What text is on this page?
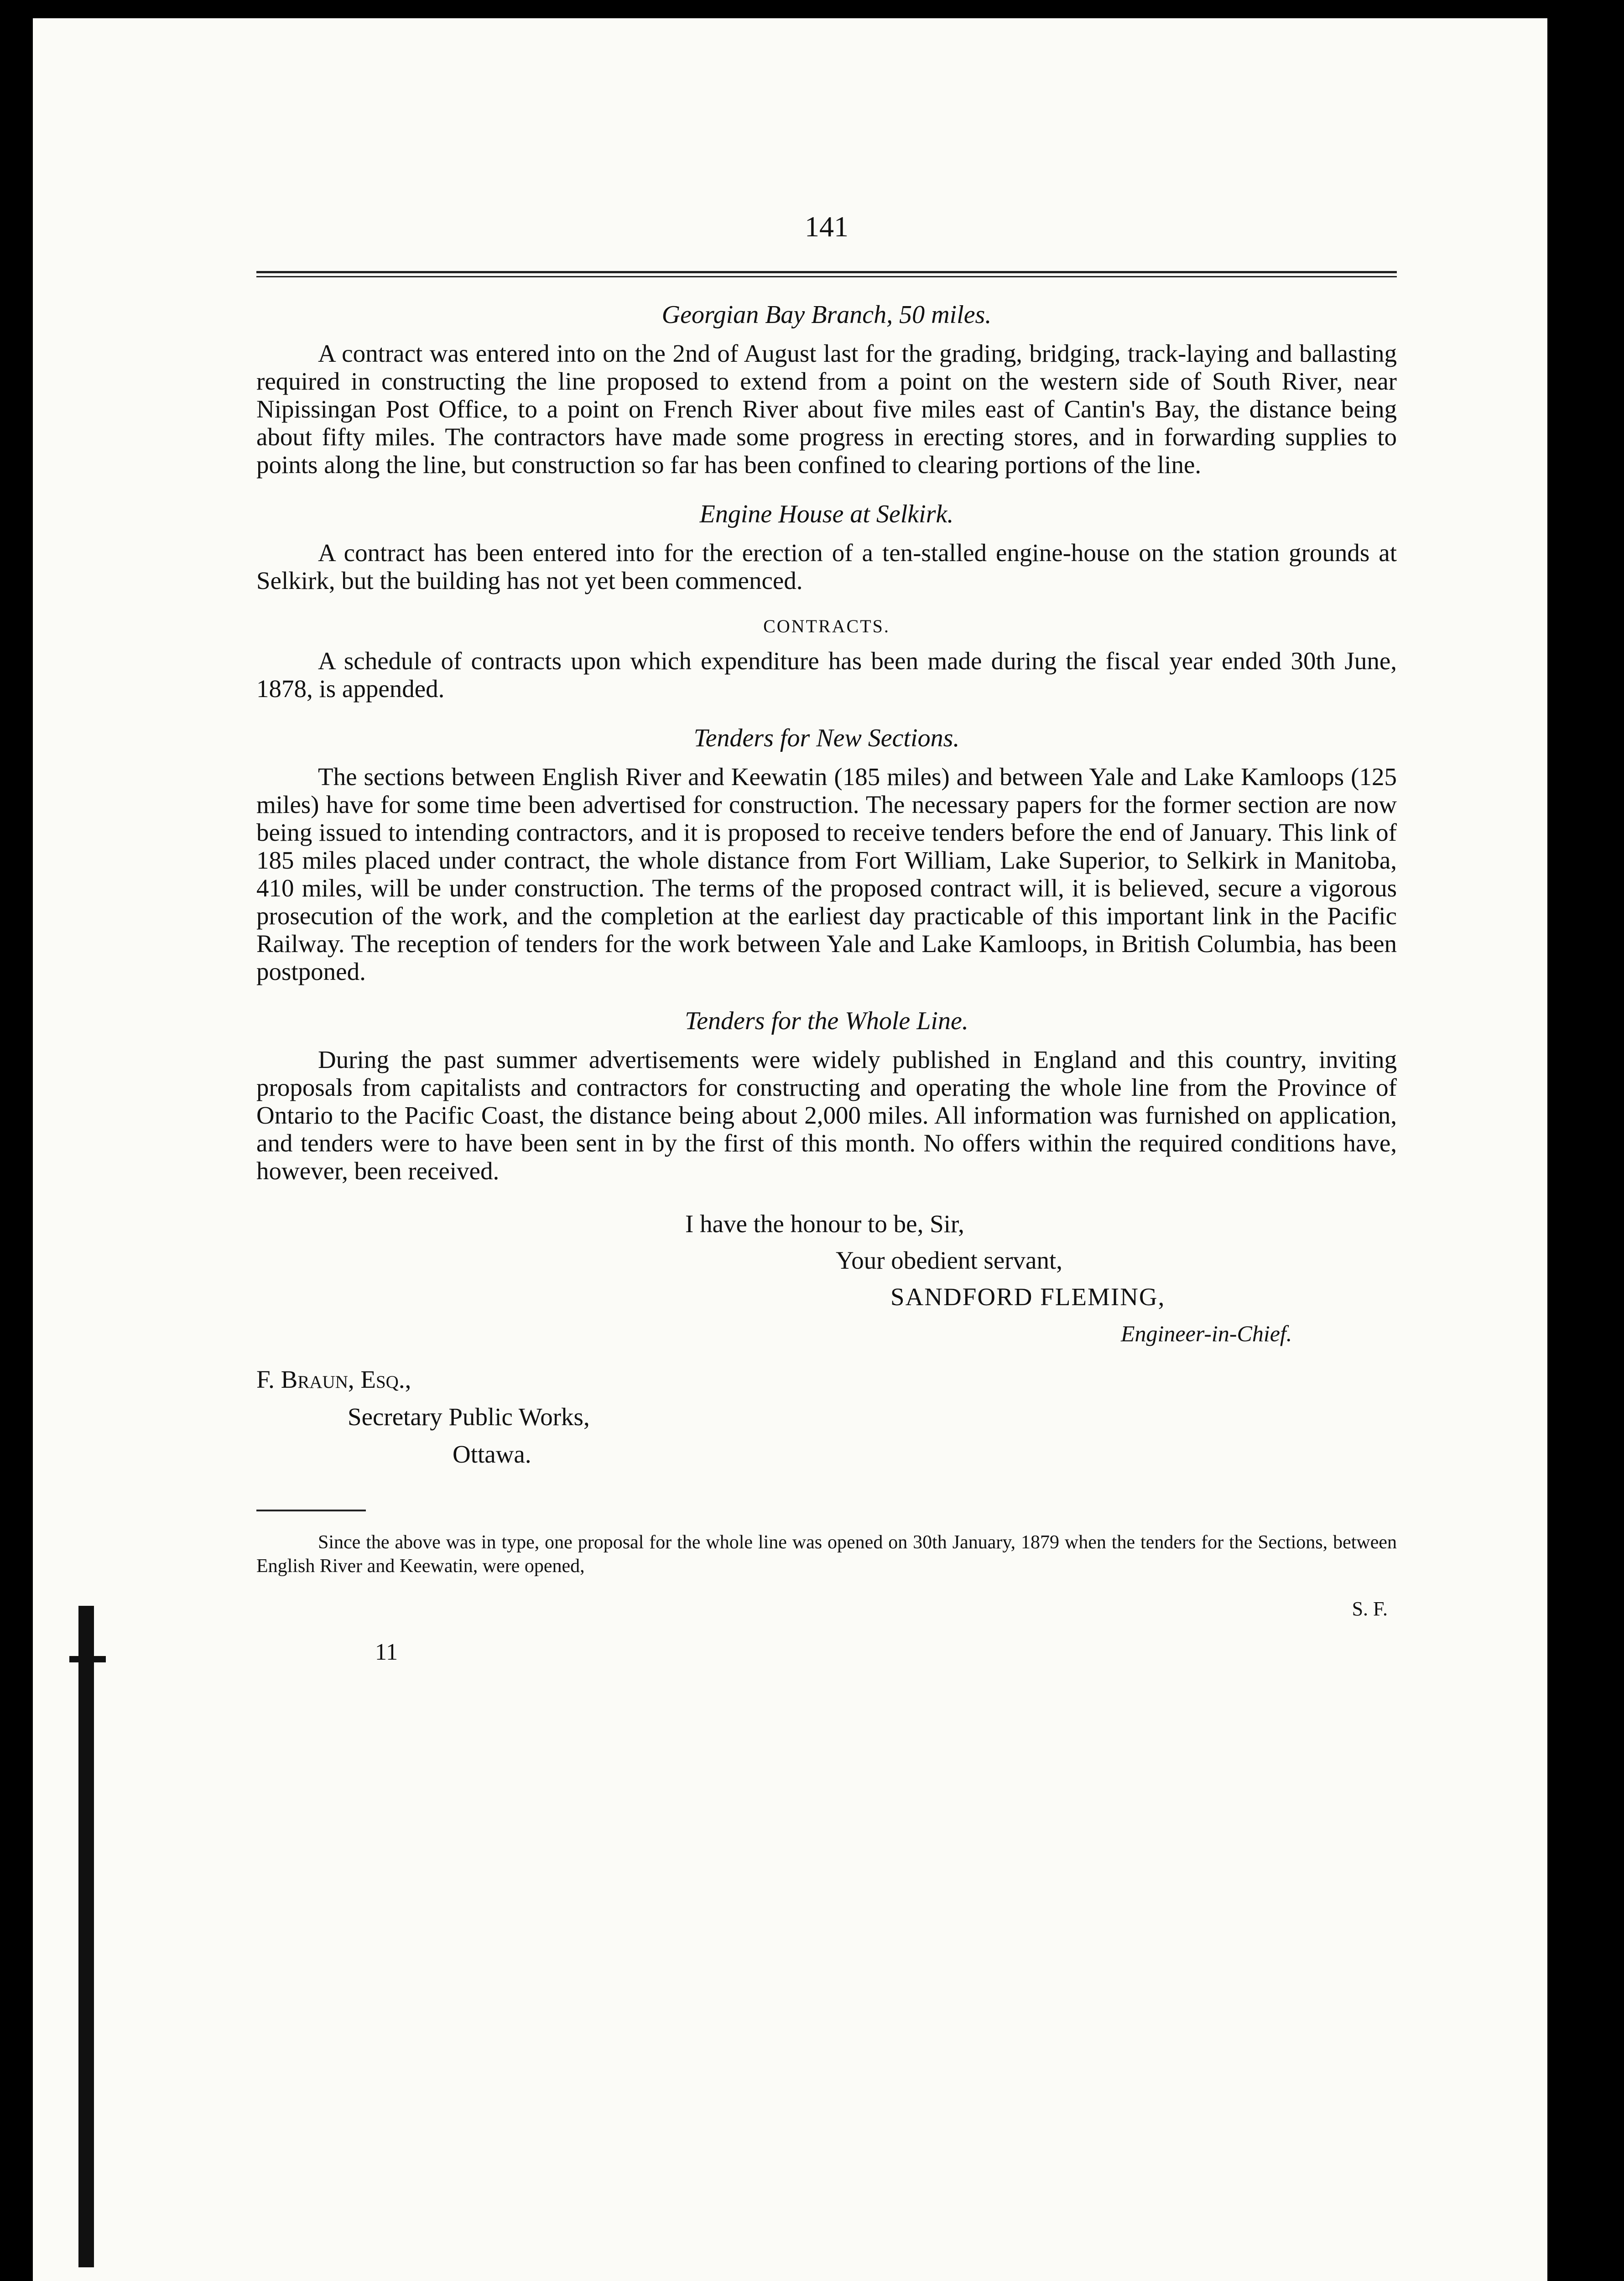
141
Georgian Bay Branch, 50 miles.

A contract was entered into on the 2nd of August last for the grading, bridging, track-laying and ballasting required in constructing the line proposed to extend from a point on the western side of South River, near Nipissingan Post Office, to a point on French River about five miles east of Cantin's Bay, the distance being about fifty miles. The contractors have made some progress in erecting stores, and in forwarding supplies to points along the line, but construction so far has been confined to clearing portions of the line.

Engine House at Selkirk.

A contract has been entered into for the erection of a ten-stalled engine-house on the station grounds at Selkirk, but the building has not yet been commenced.

CONTRACTS.

A schedule of contracts upon which expenditure has been made during the fiscal year ended 30th June, 1878, is appended.

Tenders for New Sections.

The sections between English River and Keewatin (185 miles) and between Yale and Lake Kamloops (125 miles) have for some time been advertised for construction. The necessary papers for the former section are now being issued to intending contractors, and it is proposed to receive tenders before the end of January. This link of 185 miles placed under contract, the whole distance from Fort William, Lake Superior, to Selkirk in Manitoba, 410 miles, will be under construction. The terms of the proposed contract will, it is believed, secure a vigorous prosecution of the work, and the completion at the earliest day practicable of this important link in the Pacific Railway. The reception of tenders for the work between Yale and Lake Kamloops, in British Columbia, has been postponed.

Tenders for the Whole Line.

During the past summer advertisements were widely published in England and this country, inviting proposals from capitalists and contractors for constructing and operating the whole line from the Province of Ontario to the Pacific Coast, the distance being about 2,000 miles. All information was furnished on application, and tenders were to have been sent in by the first of this month. No offers within the required conditions have, however, been received.

I have the honour to be, Sir,
Your obedient servant,
SANDFORD FLEMING,
Engineer-in-Chief.
F. Braun, Esq.,
Secretary Public Works,
Ottawa.

Since the above was in type, one proposal for the whole line was opened on 30th January, 1879 when the tenders for the Sections, between English River and Keewatin, were opened,

S. F.
11
